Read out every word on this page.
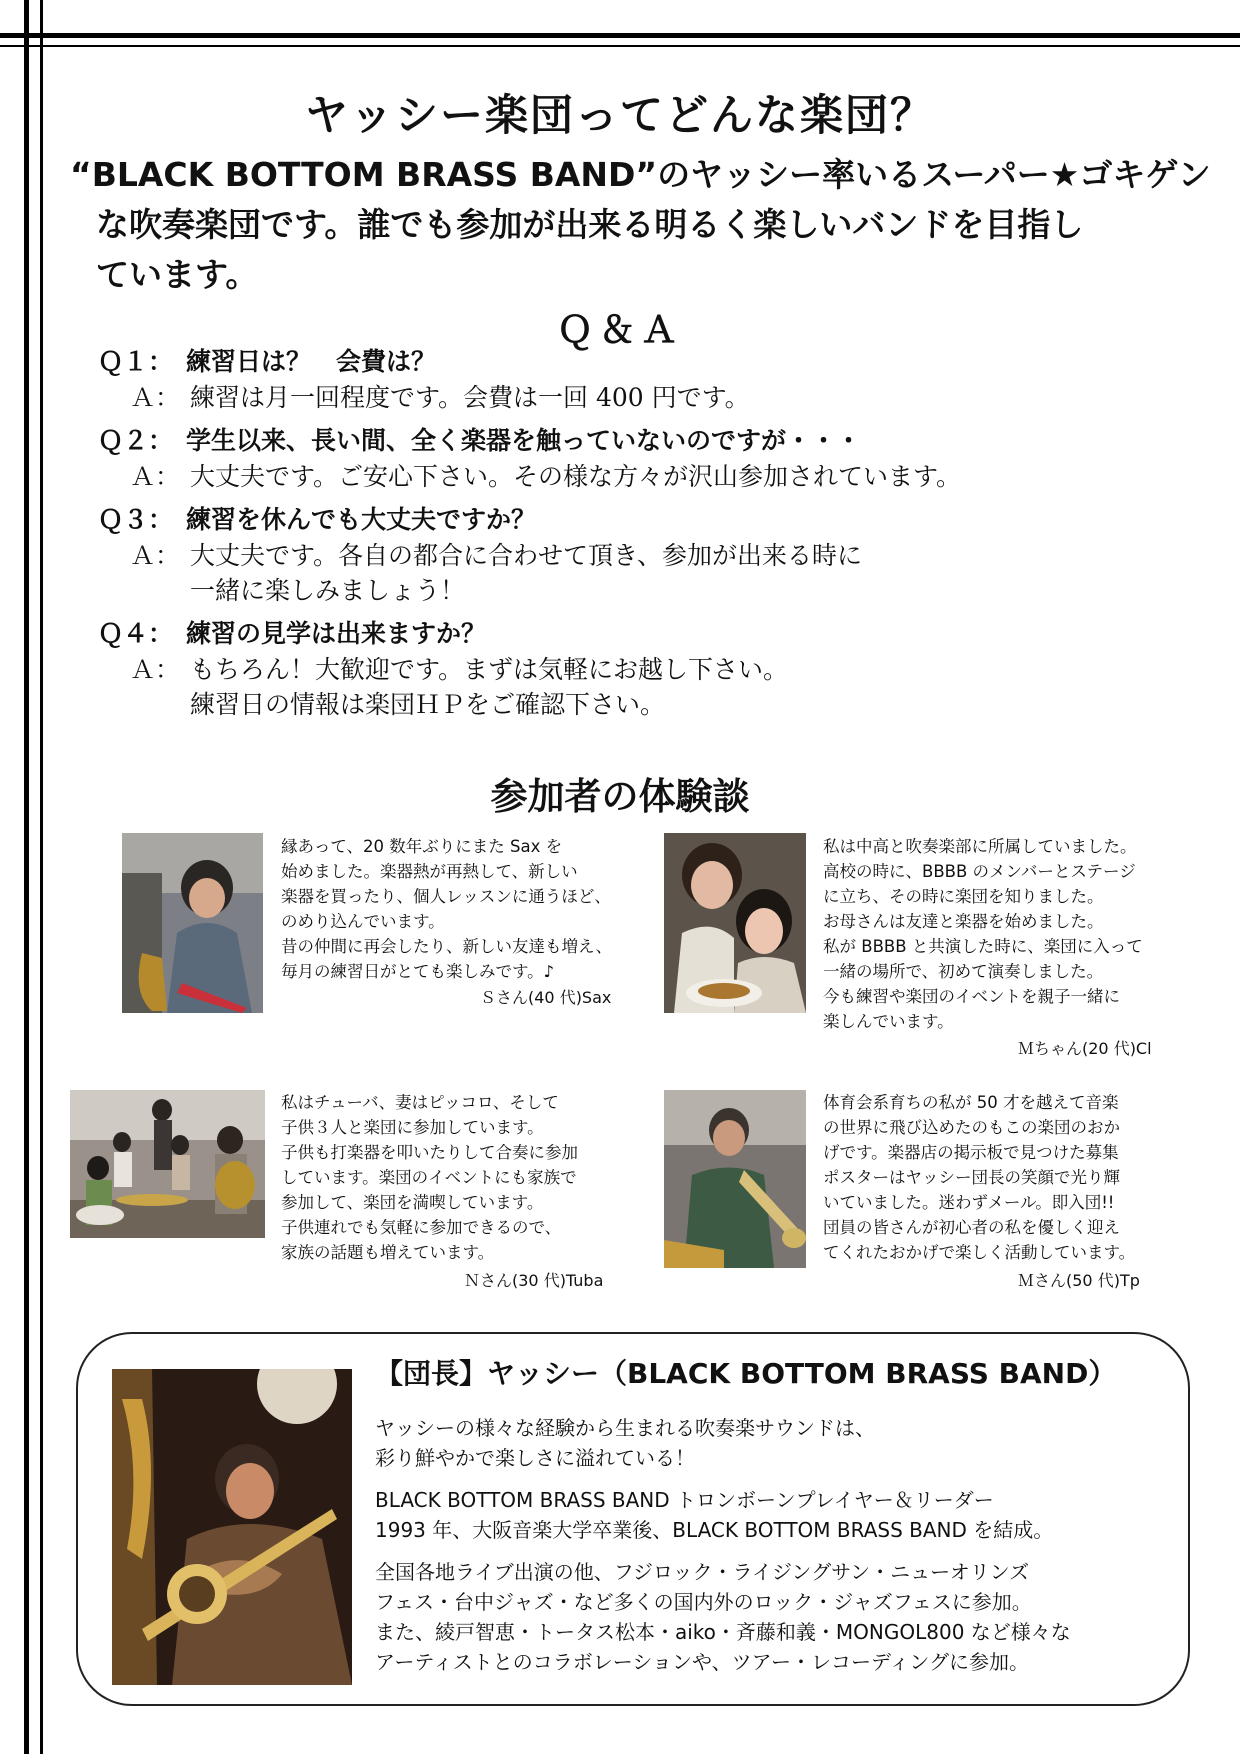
ヤッシー楽団ってどんな楽団？
“BLACK BOTTOM BRASS BAND”のヤッシー率いるスーパー★ゴキゲン
な吹奏楽団です。誰でも参加が出来る明るく楽しいバンドを目指し
ています。
Ｑ＆Ａ
Ｑ１： 練習日は？　会費は？
Ａ： 練習は月一回程度です。会費は一回 400 円です。
Ｑ２： 学生以来、長い間、全く楽器を触っていないのですが・・・
Ａ： 大丈夫です。ご安心下さい。その様な方々が沢山参加されています。
Ｑ３： 練習を休んでも大丈夫ですか？
Ａ： 大丈夫です。各自の都合に合わせて頂き、参加が出来る時に
一緒に楽しみましょう！
Ｑ４： 練習の見学は出来ますか？
Ａ： もちろん！大歓迎です。まずは気軽にお越し下さい。
練習日の情報は楽団ＨＰをご確認下さい。
参加者の体験談
縁あって、20 数年ぶりにまた Sax を
始めました。楽器熱が再熱して、新しい
楽器を買ったり、個人レッスンに通うほど、
のめり込んでいます。
昔の仲間に再会したり、新しい友達も増え、
毎月の練習日がとても楽しみです。♪
Ｓさん(40 代)Sax
私は中高と吹奏楽部に所属していました。
高校の時に、BBBB のメンバーとステージ
に立ち、その時に楽団を知りました。
お母さんは友達と楽器を始めました。
私が BBBB と共演した時に、楽団に入って
一緒の場所で、初めて演奏しました。
今も練習や楽団のイベントを親子一緒に
楽しんでいます。
Ｍちゃん(20 代)Cl
私はチューバ、妻はピッコロ、そして
子供３人と楽団に参加しています。
子供も打楽器を叩いたりして合奏に参加
しています。楽団のイベントにも家族で
参加して、楽団を満喫しています。
子供連れでも気軽に参加できるので、
家族の話題も増えています。
Ｎさん(30 代)Tuba
体育会系育ちの私が 50 才を越えて音楽
の世界に飛び込めたのもこの楽団のおか
げです。楽器店の掲示板で見つけた募集
ポスターはヤッシー団長の笑顔で光り輝
いていました。迷わずメール。即入団!!
団員の皆さんが初心者の私を優しく迎え
てくれたおかげで楽しく活動しています。
Ｍさん(50 代)Tp
【団長】ヤッシー（BLACK BOTTOM BRASS BAND）
ヤッシーの様々な経験から生まれる吹奏楽サウンドは、
彩り鮮やかで楽しさに溢れている！
BLACK BOTTOM BRASS BAND トロンボーンプレイヤー＆リーダー
1993 年、大阪音楽大学卒業後、BLACK BOTTOM BRASS BAND を結成。
全国各地ライブ出演の他、フジロック・ライジングサン・ニューオリンズ
フェス・台中ジャズ・など多くの国内外のロック・ジャズフェスに参加。
また、綾戸智恵・トータス松本・aiko・斉藤和義・MONGOL800 など様々な
アーティストとのコラボレーションや、ツアー・レコーディングに参加。
